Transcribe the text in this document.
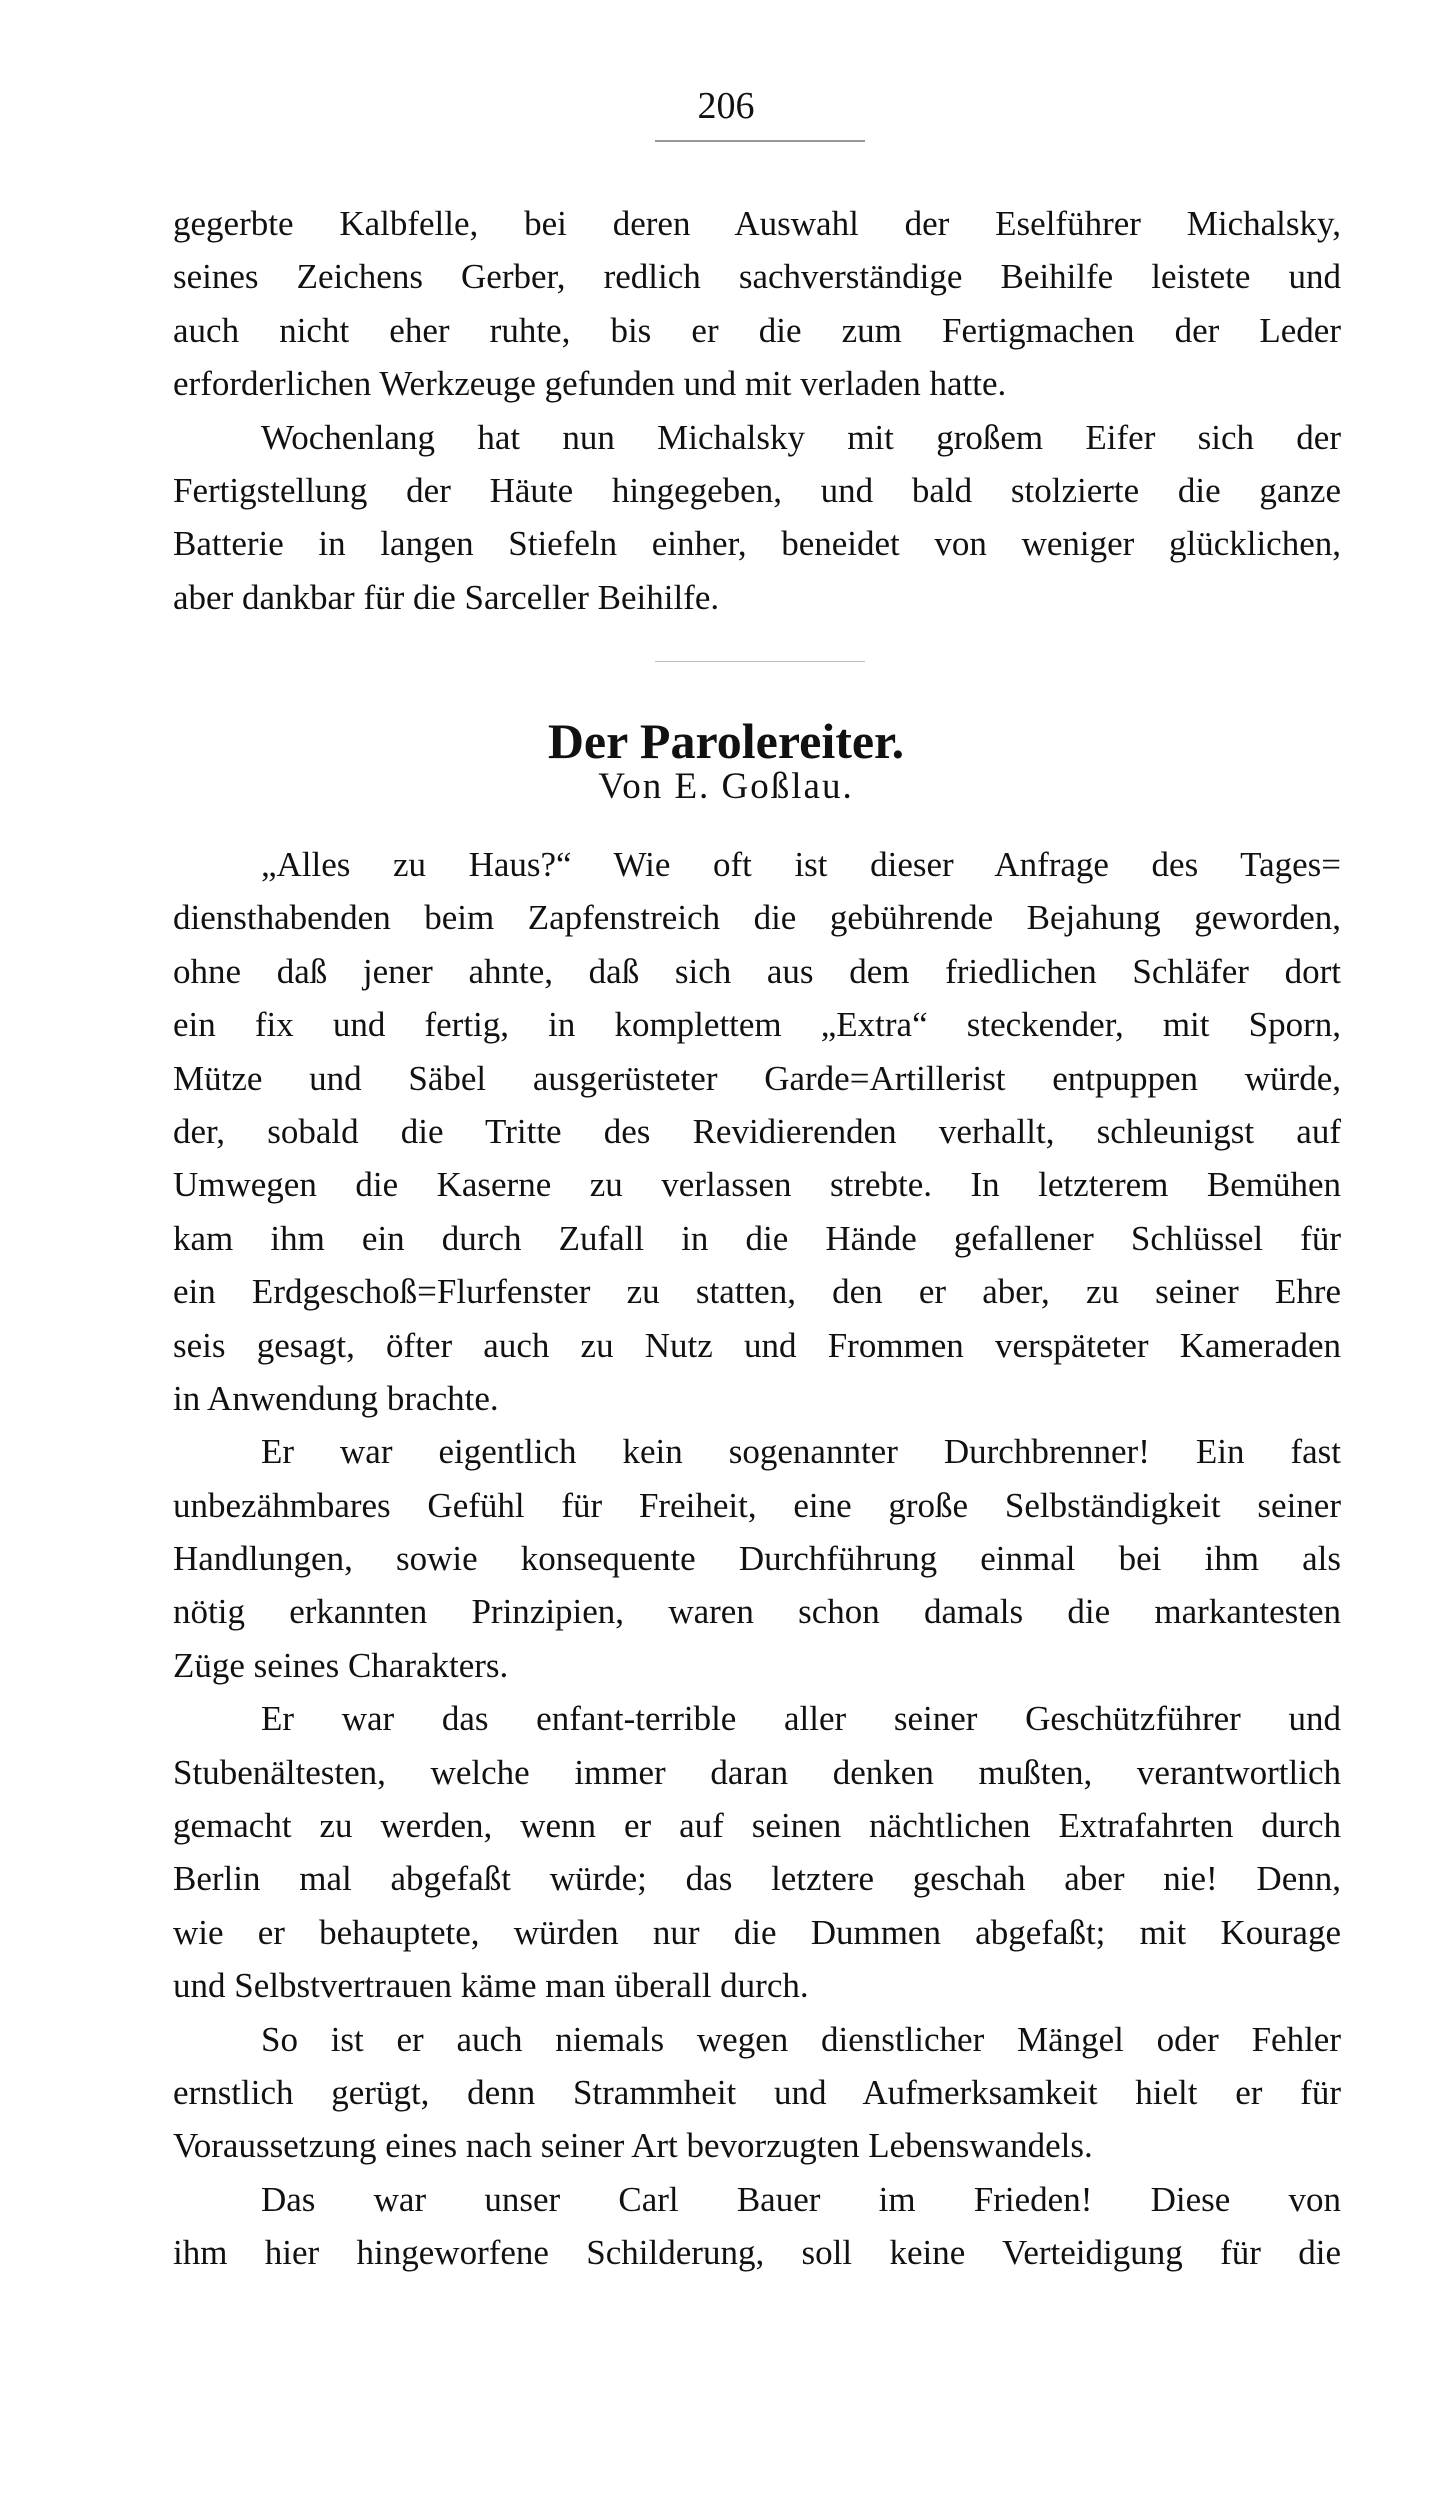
206
gegerbte Kalbfelle, bei deren Auswahl der Eselführer Michalsky,
seines Zeichens Gerber, redlich sachverständige Beihilfe leistete und
auch nicht eher ruhte, bis er die zum Fertigmachen der Leder
erforderlichen Werkzeuge gefunden und mit verladen hatte.
Wochenlang hat nun Michalsky mit großem Eifer sich der
Fertigstellung der Häute hingegeben, und bald stolzierte die ganze
Batterie in langen Stiefeln einher, beneidet von weniger glücklichen,
aber dankbar für die Sarceller Beihilfe.
Der Parolereiter.
Von E. Goßlau.
„Alles zu Haus?“ Wie oft ist dieser Anfrage des Tages=
diensthabenden beim Zapfenstreich die gebührende Bejahung geworden,
ohne daß jener ahnte, daß sich aus dem friedlichen Schläfer dort
ein fix und fertig, in komplettem „Extra“ steckender, mit Sporn,
Mütze und Säbel ausgerüsteter Garde=Artillerist entpuppen würde,
der, sobald die Tritte des Revidierenden verhallt, schleunigst auf
Umwegen die Kaserne zu verlassen strebte. In letzterem Bemühen
kam ihm ein durch Zufall in die Hände gefallener Schlüssel für
ein Erdgeschoß=Flurfenster zu statten, den er aber, zu seiner Ehre
seis gesagt, öfter auch zu Nutz und Frommen verspäteter Kameraden
in Anwendung brachte.
Er war eigentlich kein sogenannter Durchbrenner! Ein fast
unbezähmbares Gefühl für Freiheit, eine große Selbständigkeit seiner
Handlungen, sowie konsequente Durchführung einmal bei ihm als
nötig erkannten Prinzipien, waren schon damals die markantesten
Züge seines Charakters.
Er war das enfant-terrible aller seiner Geschützführer und
Stubenältesten, welche immer daran denken mußten, verantwortlich
gemacht zu werden, wenn er auf seinen nächtlichen Extrafahrten durch
Berlin mal abgefaßt würde; das letztere geschah aber nie! Denn,
wie er behauptete, würden nur die Dummen abgefaßt; mit Kourage
und Selbstvertrauen käme man überall durch.
So ist er auch niemals wegen dienstlicher Mängel oder Fehler
ernstlich gerügt, denn Strammheit und Aufmerksamkeit hielt er für
Voraussetzung eines nach seiner Art bevorzugten Lebenswandels.
Das war unser Carl Bauer im Frieden! Diese von
ihm hier hingeworfene Schilderung, soll keine Verteidigung für die
